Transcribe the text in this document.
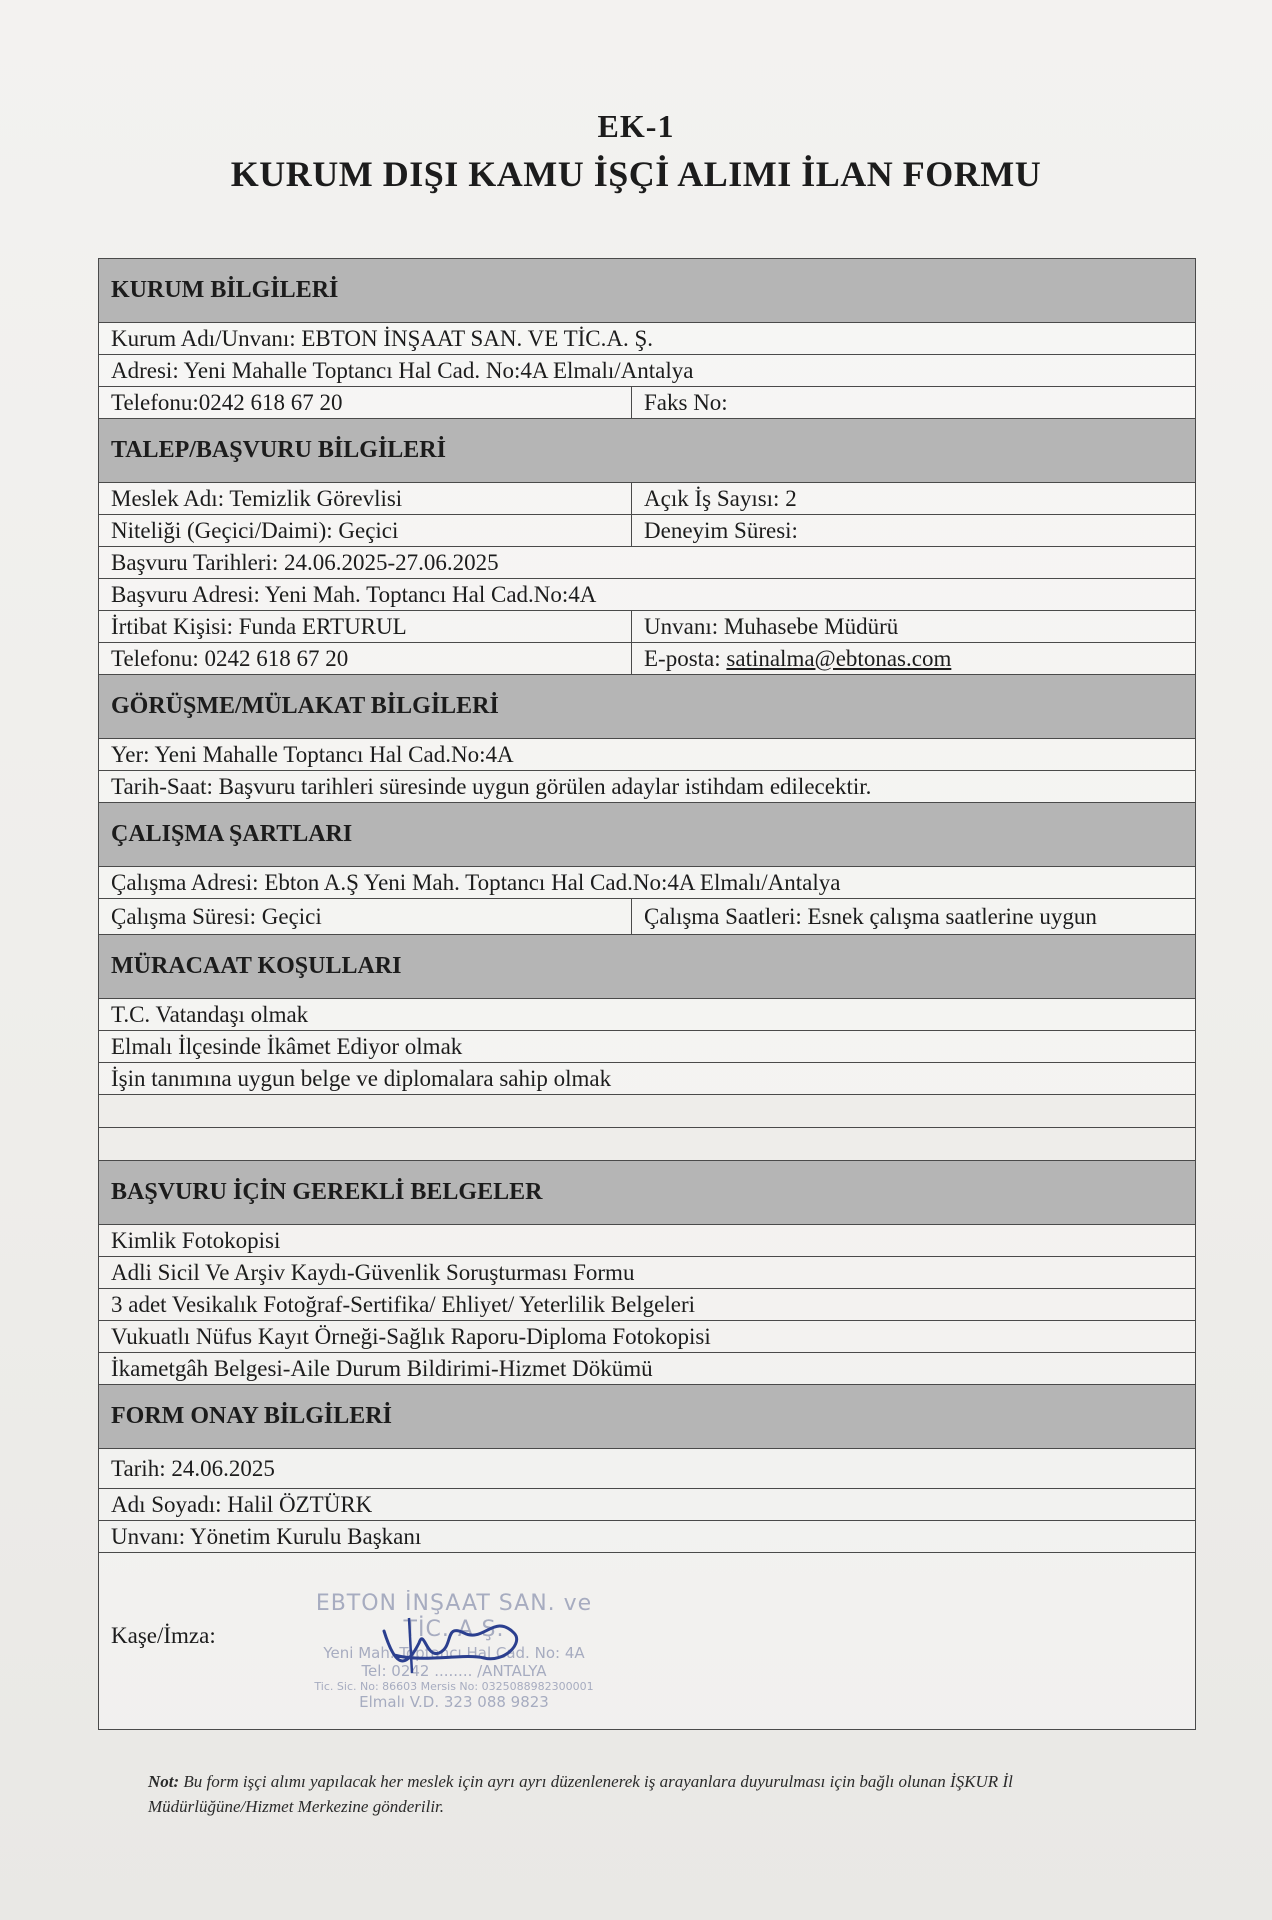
EK-1
KURUM DIŞI KAMU İŞÇİ ALIMI İLAN FORMU
KURUM BİLGİLERİ
Kurum Adı/Unvanı: EBTON İNŞAAT SAN. VE TİC.A. Ş.
Adresi: Yeni Mahalle Toptancı Hal Cad. No:4A Elmalı/Antalya
Telefonu:0242 618 67 20	Faks No:
TALEP/BAŞVURU BİLGİLERİ
Meslek Adı: Temizlik Görevlisi	Açık İş Sayısı: 2
Niteliği (Geçici/Daimi): Geçici	Deneyim Süresi:
Başvuru Tarihleri: 24.06.2025-27.06.2025
Başvuru Adresi: Yeni Mah. Toptancı Hal Cad.No:4A
İrtibat Kişisi: Funda ERTURUL	Unvanı: Muhasebe Müdürü
Telefonu: 0242 618 67 20	E-posta: satinalma@ebtonas.com
GÖRÜŞME/MÜLAKAT BİLGİLERİ
Yer: Yeni Mahalle Toptancı Hal Cad.No:4A
Tarih-Saat: Başvuru tarihleri süresinde uygun görülen adaylar istihdam edilecektir.
ÇALIŞMA ŞARTLARI
Çalışma Adresi: Ebton A.Ş Yeni Mah. Toptancı Hal Cad.No:4A Elmalı/Antalya
Çalışma Süresi: Geçici	Çalışma Saatleri: Esnek çalışma saatlerine uygun
MÜRACAAT KOŞULLARI
T.C. Vatandaşı olmak
Elmalı İlçesinde İkâmet Ediyor olmak
İşin tanımına uygun belge ve diplomalara sahip olmak
BAŞVURU İÇİN GEREKLİ BELGELER
Kimlik Fotokopisi
Adli Sicil Ve Arşiv Kaydı-Güvenlik Soruşturması Formu
3 adet Vesikalık Fotoğraf-Sertifika/ Ehliyet/ Yeterlilik Belgeleri
Vukuatlı Nüfus Kayıt Örneği-Sağlık Raporu-Diploma Fotokopisi
İkametgâh Belgesi-Aile Durum Bildirimi-Hizmet Dökümü
FORM ONAY BİLGİLERİ
Tarih: 24.06.2025
Adı Soyadı: Halil ÖZTÜRK
Unvanı: Yönetim Kurulu Başkanı
Kaşe/İmza:
EBTON İNŞAAT SAN. ve TİC. A.Ş.
Yeni Mah. Toptancı Hal Cad. No: 4A
Tel: 0242 ........ /ANTALYA
Tic. Sic. No: 86603 Mersis No: 0325088982300001
Elmalı V.D. 323 088 9823
Not: Bu form işçi alımı yapılacak her meslek için ayrı ayrı düzenlenerek iş arayanlara duyurulması için bağlı olunan İŞKUR İl Müdürlüğüne/Hizmet Merkezine gönderilir.
